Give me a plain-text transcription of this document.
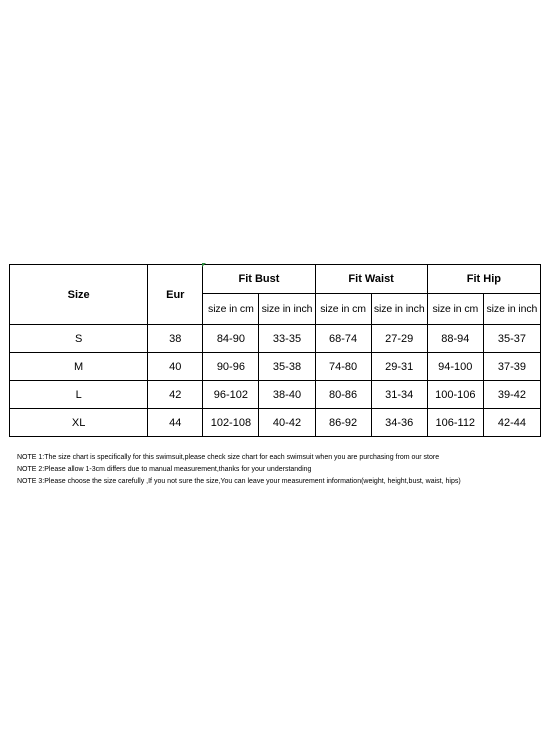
Size	Eur	Fit Bust		Fit Waist		Fit Hip	
		size in cm	size in inch	size in cm	size in inch	size in cm	size in inch
S	38	84-90	33-35	68-74	27-29	88-94	35-37
M	40	90-96	35-38	74-80	29-31	94-100	37-39
L	42	96-102	38-40	80-86	31-34	100-106	39-42
XL	44	102-108	40-42	86-92	34-36	106-112	42-44
NOTE 1:The size chart is specifically for this swimsuit,please check size chart for each swimsuit when you are purchasing from our store
NOTE 2:Please allow 1-3cm differs due to manual measurement,thanks for your understanding
NOTE 3:Please choose the size carefully ,If you not sure the size,You can leave your measurement information(weight, height,bust, waist, hips)
